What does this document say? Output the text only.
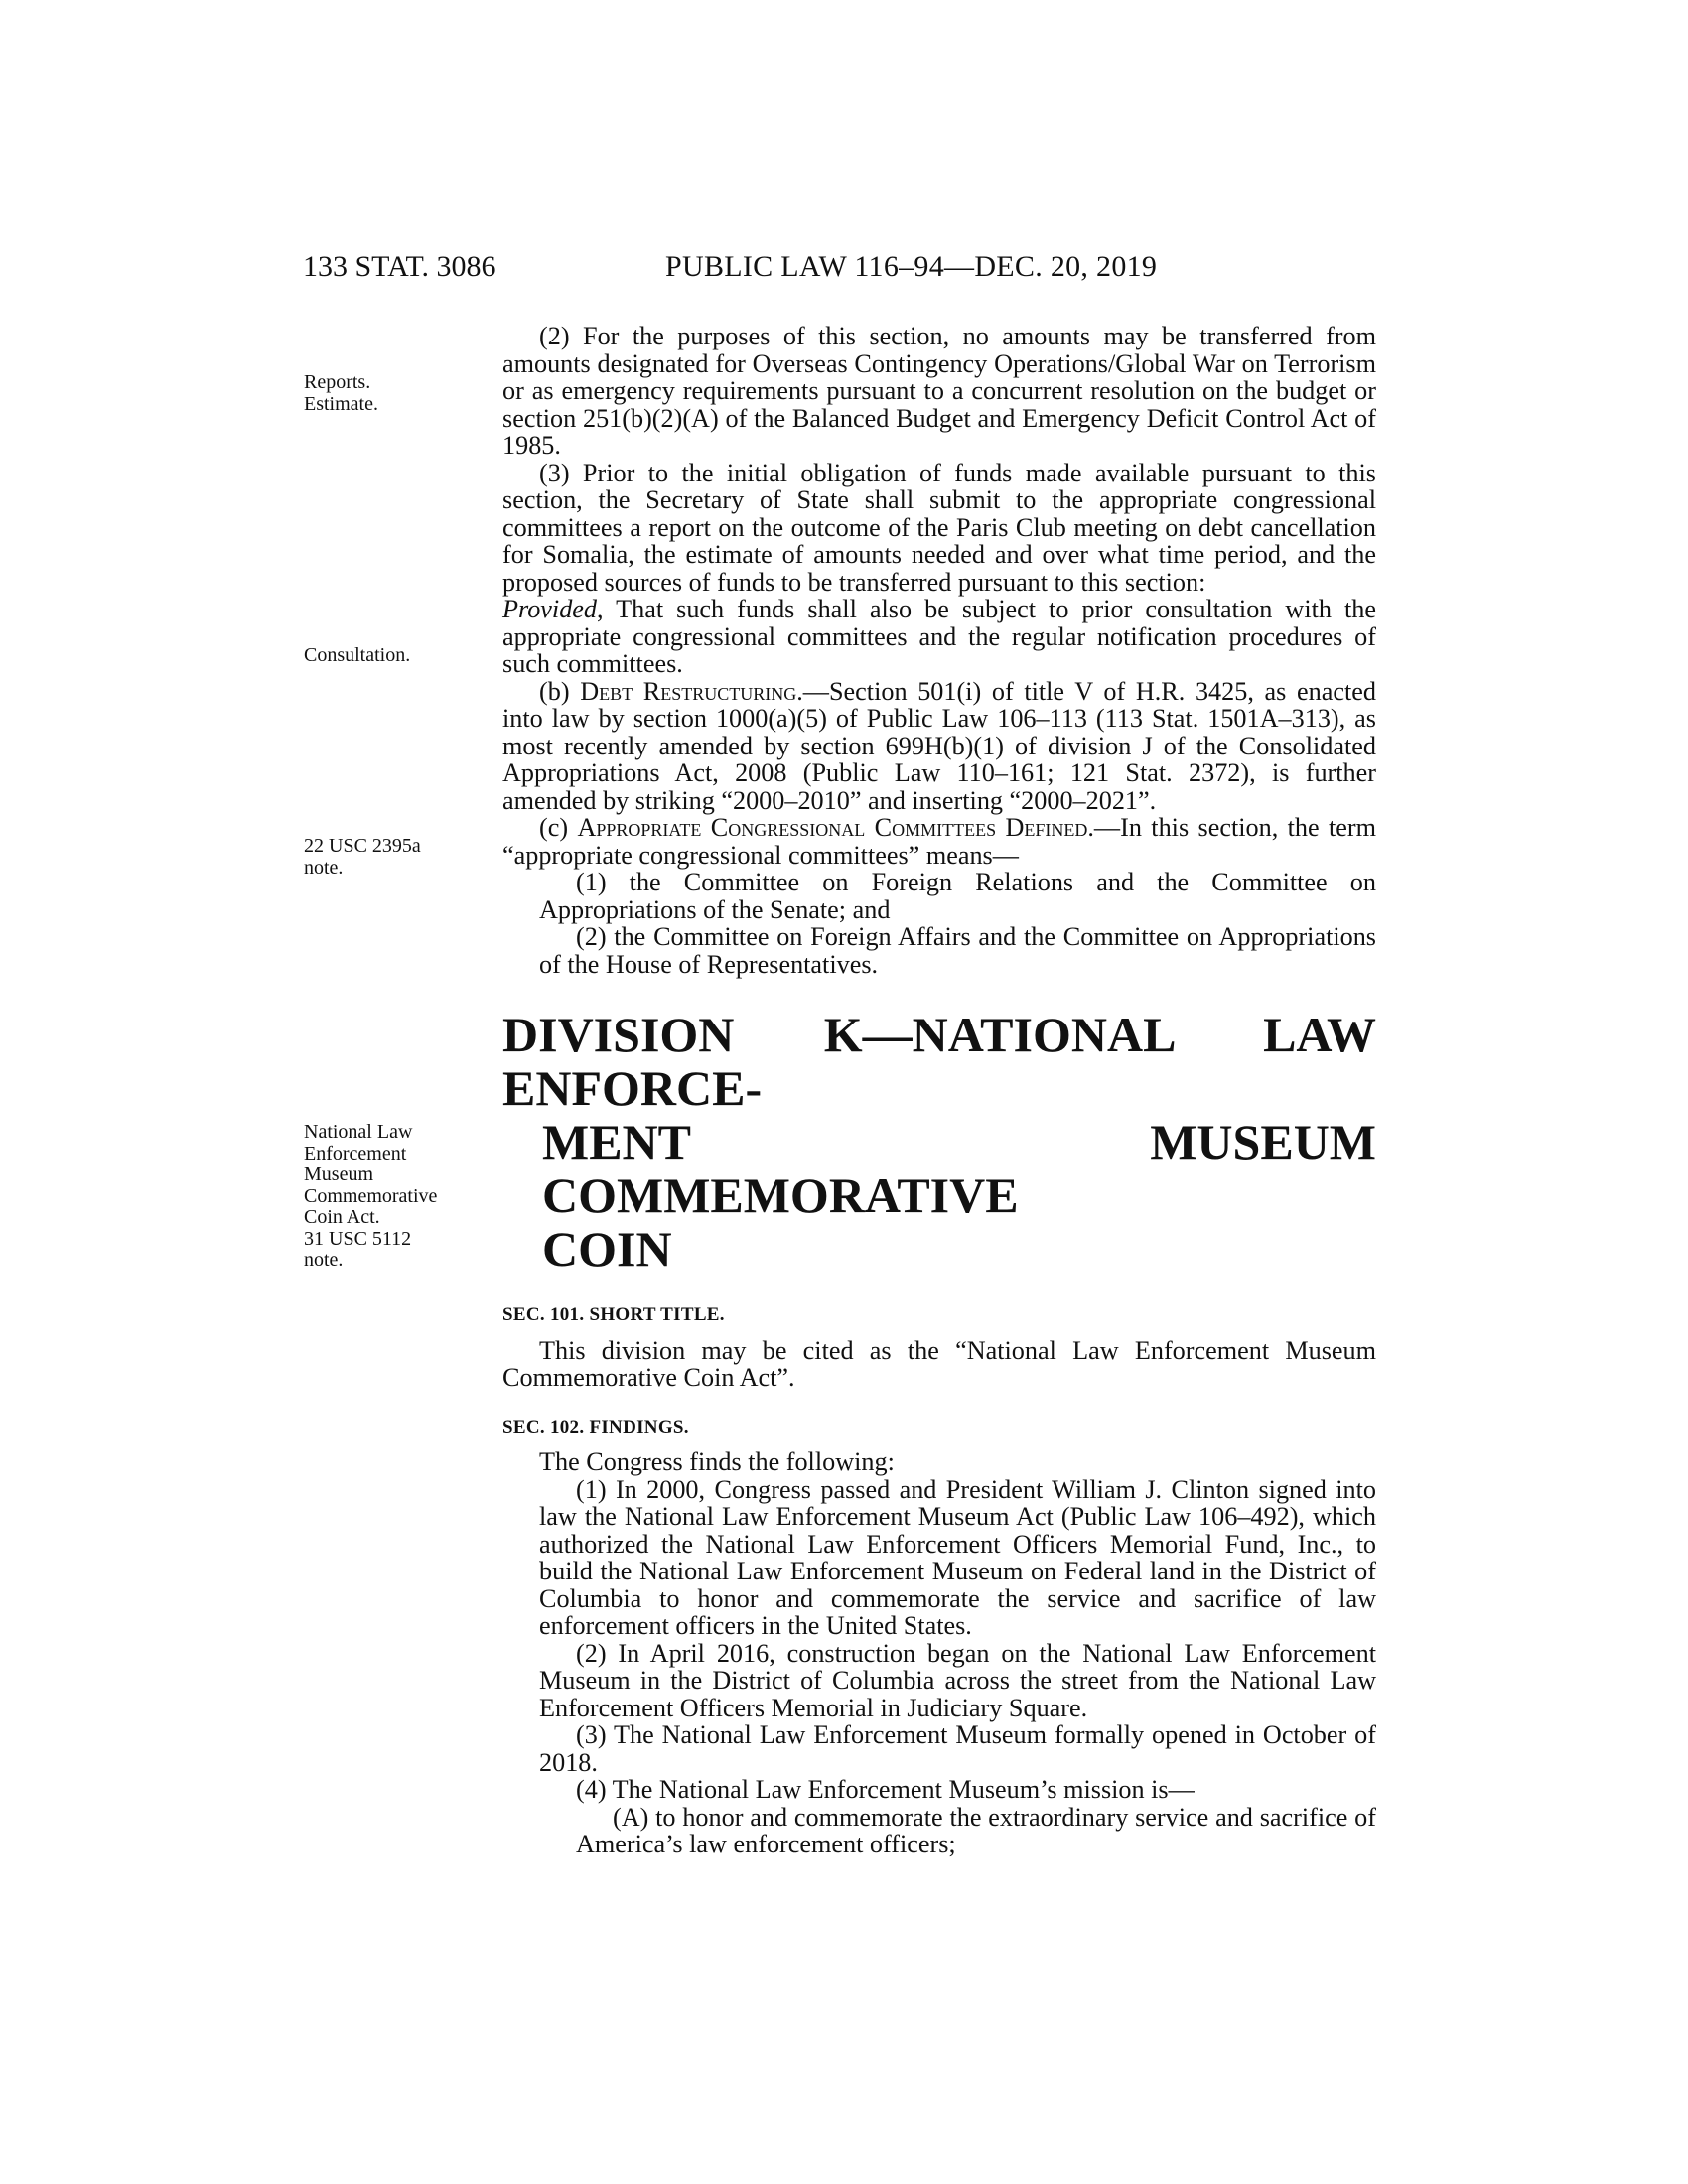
133 STAT. 3086	PUBLIC LAW 116–94—DEC. 20, 2019
Reports.
Estimate.
Consultation.
22 USC 2395a
note.
National Law
Enforcement
Museum
Commemorative
Coin Act.
31 USC 5112
note.

(2) For the purposes of this section, no amounts may be transferred from amounts designated for Overseas Contingency Operations/Global War on Terrorism or as emergency requirements pursuant to a concurrent resolution on the budget or section 251(b)(2)(A) of the Balanced Budget and Emergency Deficit Control Act of 1985.

(3) Prior to the initial obligation of funds made available pursuant to this section, the Secretary of State shall submit to the appropriate congressional committees a report on the outcome of the Paris Club meeting on debt cancellation for Somalia, the estimate of amounts needed and over what time period, and the proposed sources of funds to be transferred pursuant to this section:
Provided, That such funds shall also be subject to prior consultation with the appropriate congressional committees and the regular notification procedures of such committees.

(b) Debt Restructuring.—Section 501(i) of title V of H.R. 3425, as enacted into law by section 1000(a)(5) of Public Law 106–113 (113 Stat. 1501A–313), as most recently amended by section 699H(b)(1) of division J of the Consolidated Appropriations Act, 2008 (Public Law 110–161; 121 Stat. 2372), is further amended by striking “2000–2010” and inserting “2000–2021”.

(c) Appropriate Congressional Committees Defined.—In this section, the term “appropriate congressional committees” means—

(1) the Committee on Foreign Relations and the Committee on Appropriations of the Senate; and

(2) the Committee on Foreign Affairs and the Committee on Appropriations of the House of Representatives.

DIVISION K—NATIONAL LAW ENFORCE-
MENT MUSEUM COMMEMORATIVE
COIN
SEC. 101. SHORT TITLE.

This division may be cited as the “National Law Enforcement Museum Commemorative Coin Act”.

SEC. 102. FINDINGS.

The Congress finds the following:

(1) In 2000, Congress passed and President William J. Clinton signed into law the National Law Enforcement Museum Act (Public Law 106–492), which authorized the National Law Enforcement Officers Memorial Fund, Inc., to build the National Law Enforcement Museum on Federal land in the District of Columbia to honor and commemorate the service and sacrifice of law enforcement officers in the United States.

(2) In April 2016, construction began on the National Law Enforcement Museum in the District of Columbia across the street from the National Law Enforcement Officers Memorial in Judiciary Square.

(3) The National Law Enforcement Museum formally opened in October of 2018.

(4) The National Law Enforcement Museum’s mission is—

(A) to honor and commemorate the extraordinary service and sacrifice of America’s law enforcement officers;
